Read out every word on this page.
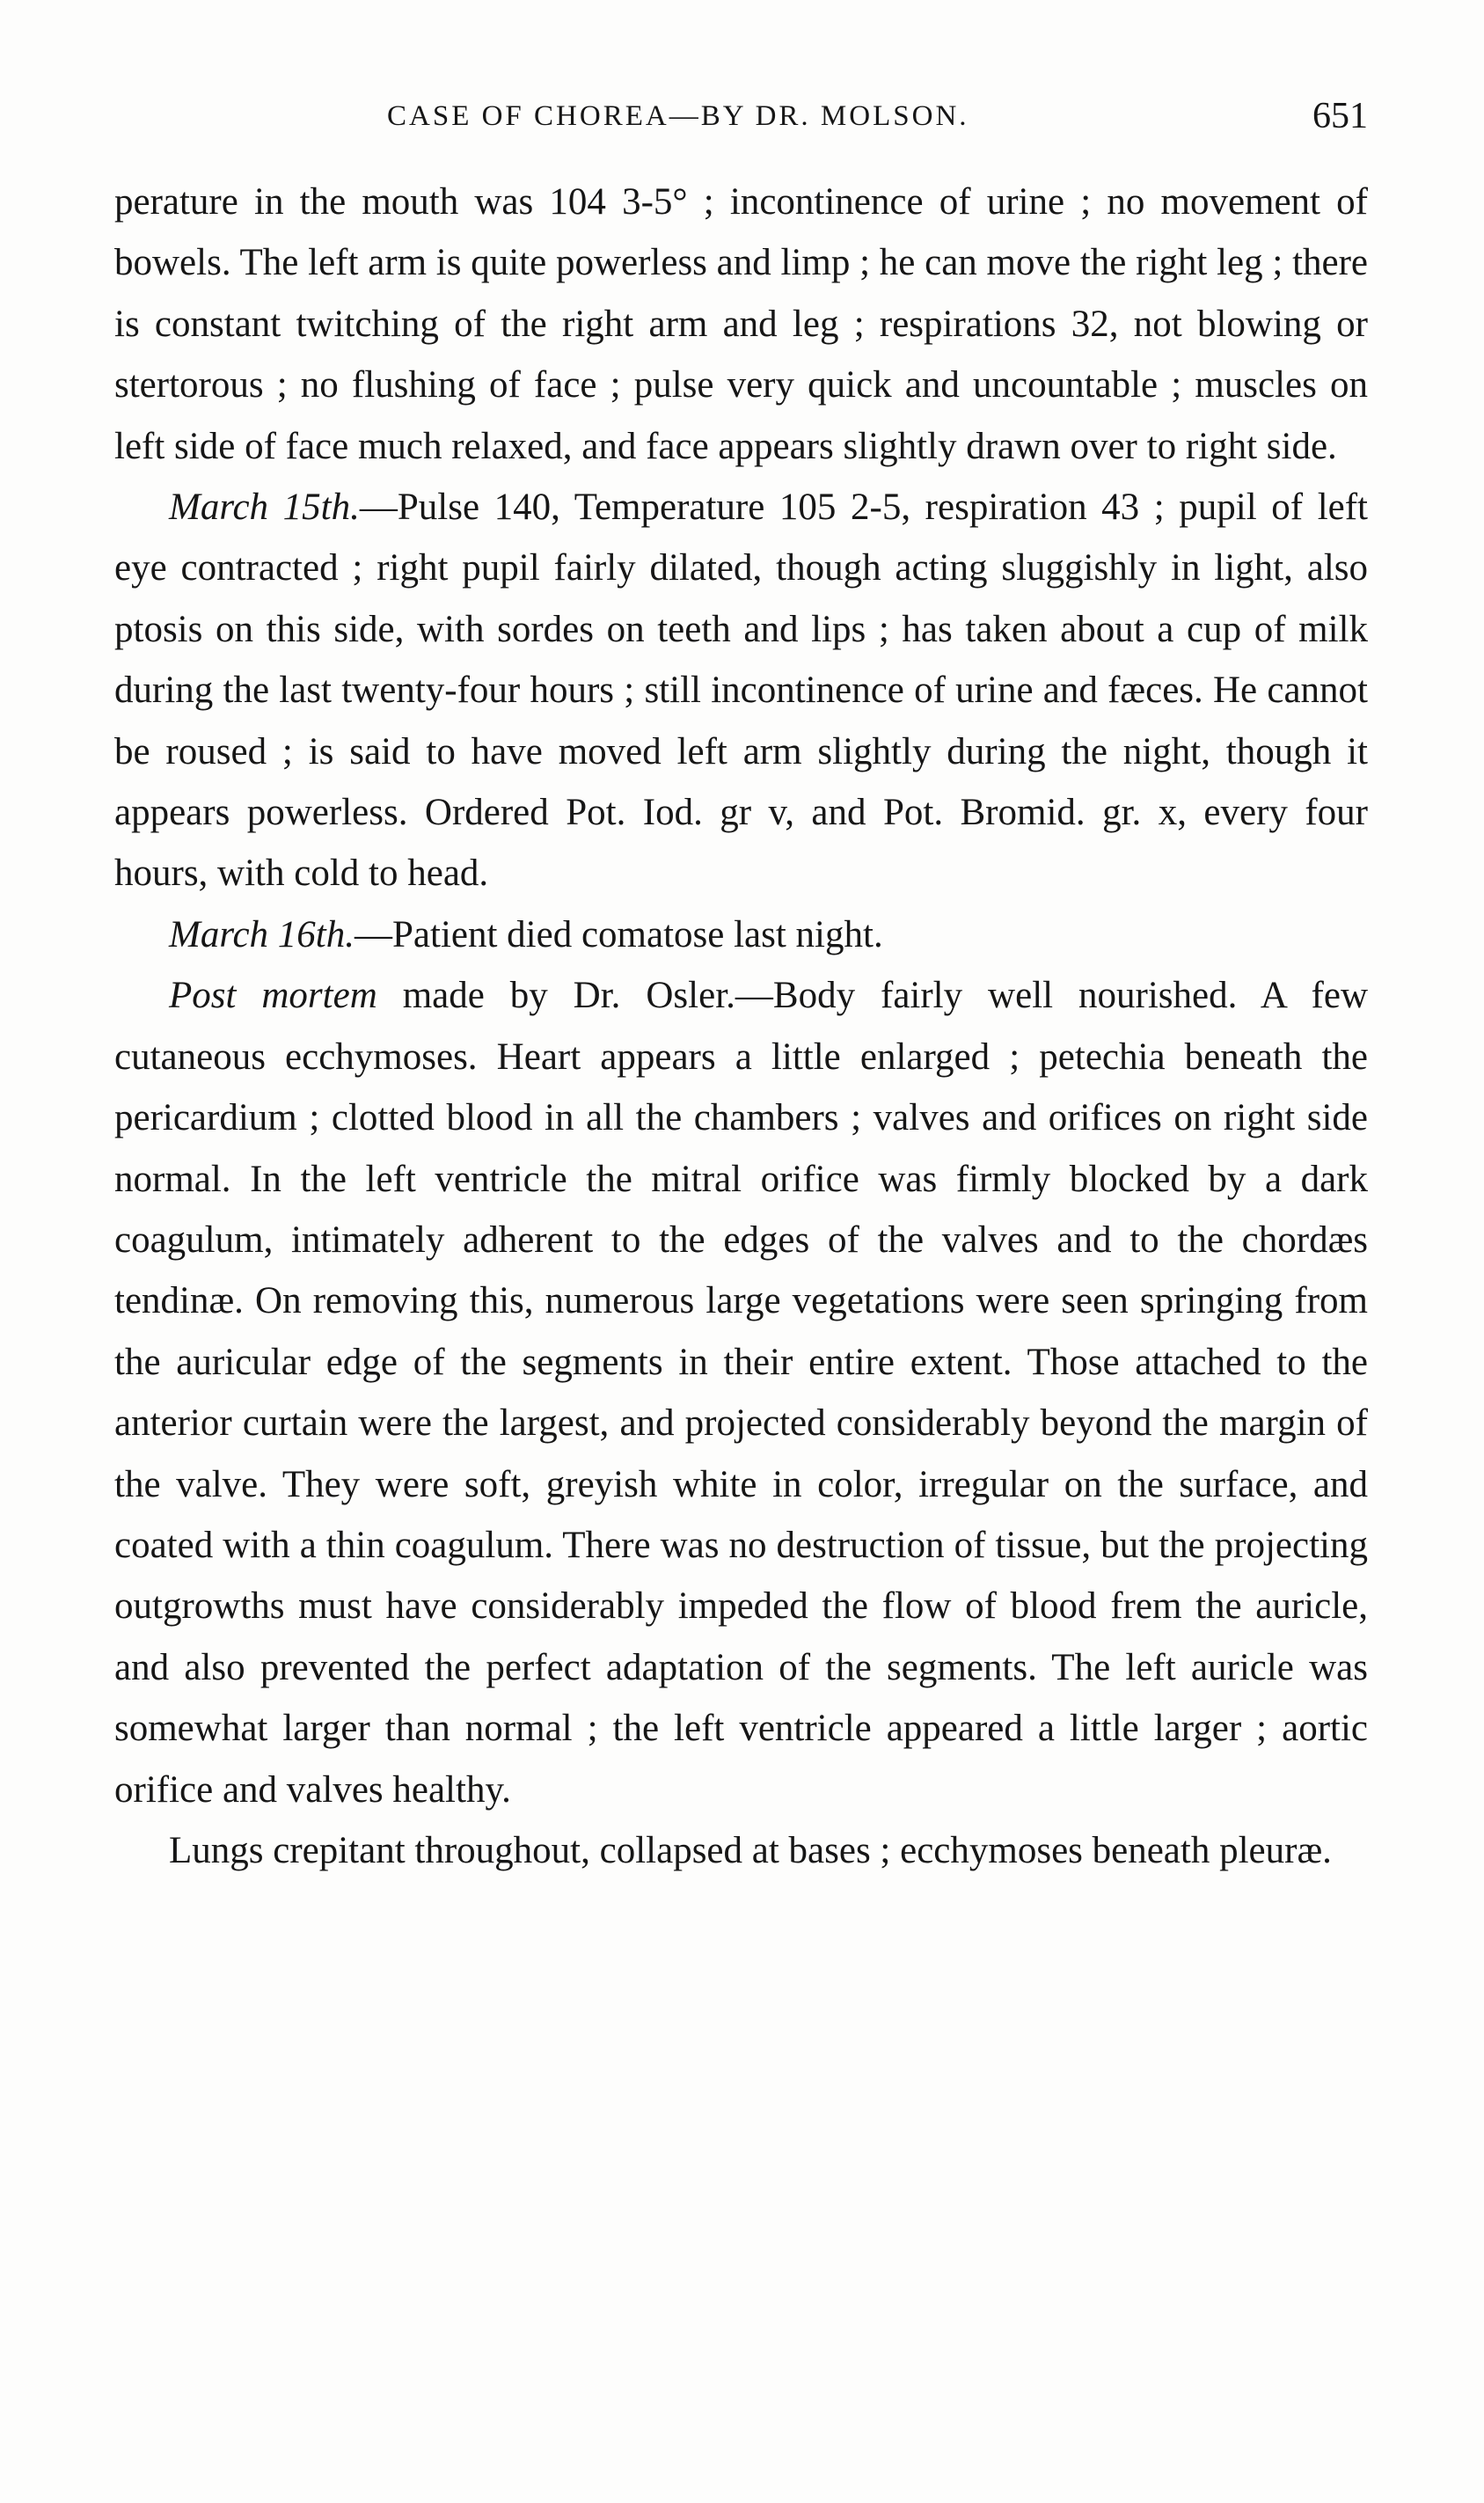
CASE OF CHOREA—BY DR. MOLSON.	651

perature in the mouth was 104 3-5° ; incontinence of urine ; no movement of bowels. The left arm is quite powerless and limp ; he can move the right leg ; there is constant twitching of the right arm and leg ; respirations 32, not blowing or stertorous ; no flushing of face ; pulse very quick and uncountable ; muscles on left side of face much relaxed, and face appears slightly drawn over to right side.

March 15th.—Pulse 140, Temperature 105 2-5, respiration 43 ; pupil of left eye contracted ; right pupil fairly dilated, though acting sluggishly in light, also ptosis on this side, with sordes on teeth and lips ; has taken about a cup of milk during the last twenty-four hours ; still incontinence of urine and fæces. He cannot be roused ; is said to have moved left arm slightly during the night, though it appears powerless. Ordered Pot. Iod. gr v, and Pot. Bromid. gr. x, every four hours, with cold to head.

March 16th.—Patient died comatose last night.

Post mortem made by Dr. Osler.—Body fairly well nourished. A few cutaneous ecchymoses. Heart appears a little enlarged ; petechia beneath the pericardium ; clotted blood in all the chambers ; valves and orifices on right side normal. In the left ventricle the mitral orifice was firmly blocked by a dark coagulum, intimately adherent to the edges of the valves and to the chordæs tendinæ. On removing this, numerous large vegetations were seen springing from the auricular edge of the segments in their entire extent. Those attached to the anterior curtain were the largest, and projected considerably beyond the margin of the valve. They were soft, greyish white in color, irregular on the surface, and coated with a thin coagulum. There was no destruction of tissue, but the projecting outgrowths must have considerably impeded the flow of blood frem the auricle, and also prevented the perfect adaptation of the segments. The left auricle was somewhat larger than normal ; the left ventricle appeared a little larger ; aortic orifice and valves healthy.

Lungs crepitant throughout, collapsed at bases ; ecchymoses beneath pleuræ.
